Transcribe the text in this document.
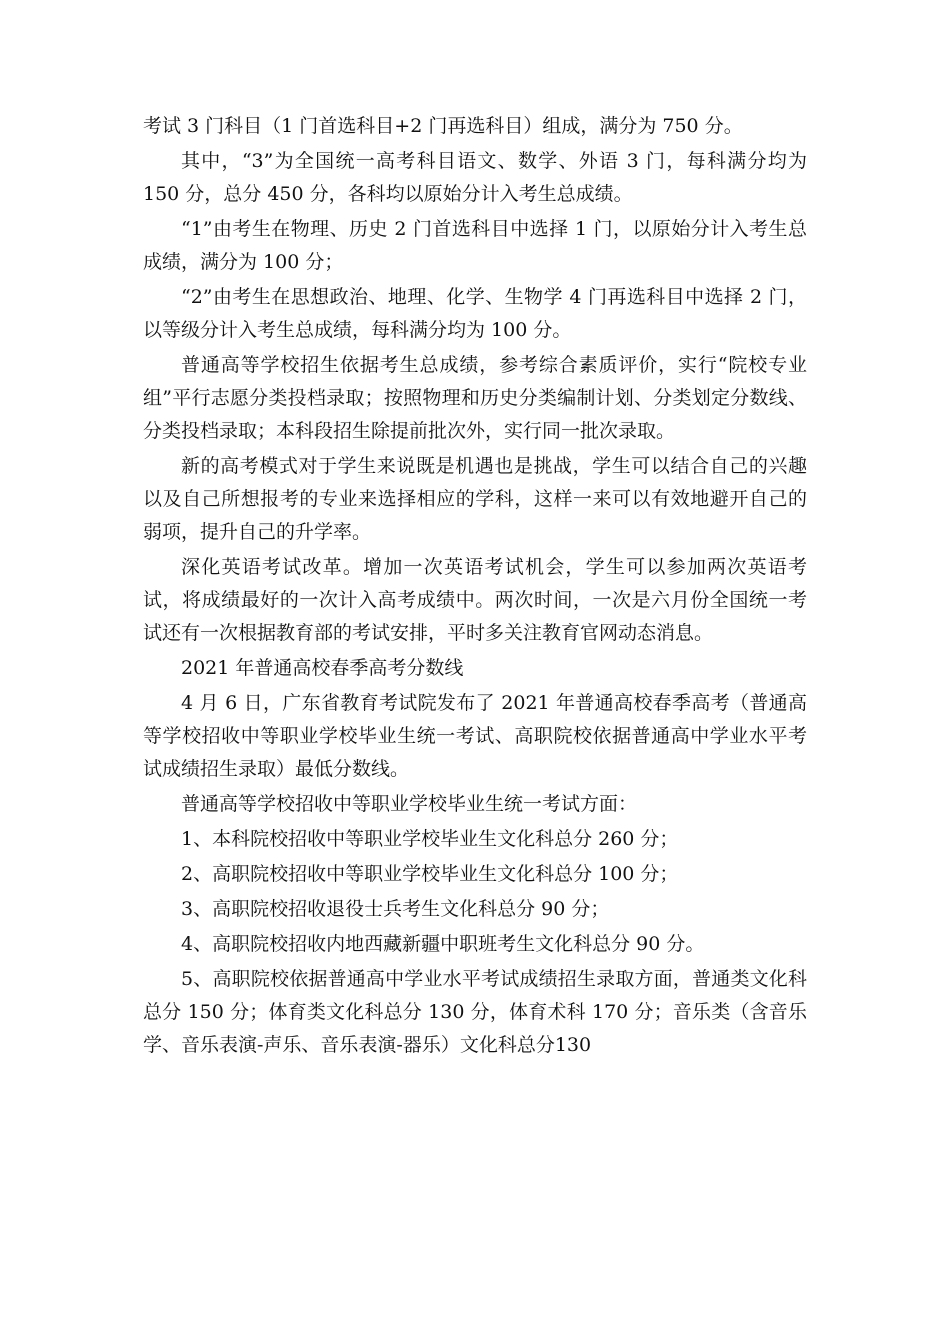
考试 3 门科目（1 门首选科目+2 门再选科目）组成，满分为 750 分。

其中，“3”为全国统一高考科目语文、数学、外语 3 门，每科满分均为 150 分，总分 450 分，各科均以原始分计入考生总成绩。

“1”由考生在物理、历史 2 门首选科目中选择 1 门，以原始分计入考生总成绩，满分为 100 分；

“2”由考生在思想政治、地理、化学、生物学 4 门再选科目中选择 2 门，以等级分计入考生总成绩，每科满分均为 100 分。

普通高等学校招生依据考生总成绩，参考综合素质评价，实行“院校专业组”平行志愿分类投档录取；按照物理和历史分类编制计划、分类划定分数线、分类投档录取；本科段招生除提前批次外，实行同一批次录取。

新的高考模式对于学生来说既是机遇也是挑战，学生可以结合自己的兴趣以及自己所想报考的专业来选择相应的学科，这样一来可以有效地避开自己的弱项，提升自己的升学率。

深化英语考试改革。增加一次英语考试机会，学生可以参加两次英语考试，将成绩最好的一次计入高考成绩中。两次时间，一次是六月份全国统一考试还有一次根据教育部的考试安排，平时多关注教育官网动态消息。

2021 年普通高校春季高考分数线

4 月 6 日，广东省教育考试院发布了 2021 年普通高校春季高考（普通高等学校招收中等职业学校毕业生统一考试、高职院校依据普通高中学业水平考试成绩招生录取）最低分数线。

普通高等学校招收中等职业学校毕业生统一考试方面：

1、本科院校招收中等职业学校毕业生文化科总分 260 分；

2、高职院校招收中等职业学校毕业生文化科总分 100 分；

3、高职院校招收退役士兵考生文化科总分 90 分；

4、高职院校招收内地西藏新疆中职班考生文化科总分 90 分。

5、高职院校依据普通高中学业水平考试成绩招生录取方面，普通类文化科总分 150 分；体育类文化科总分 130 分，体育术科 170 分；音乐类（含音乐学、音乐表演-声乐、音乐表演-器乐）文化科总分130
